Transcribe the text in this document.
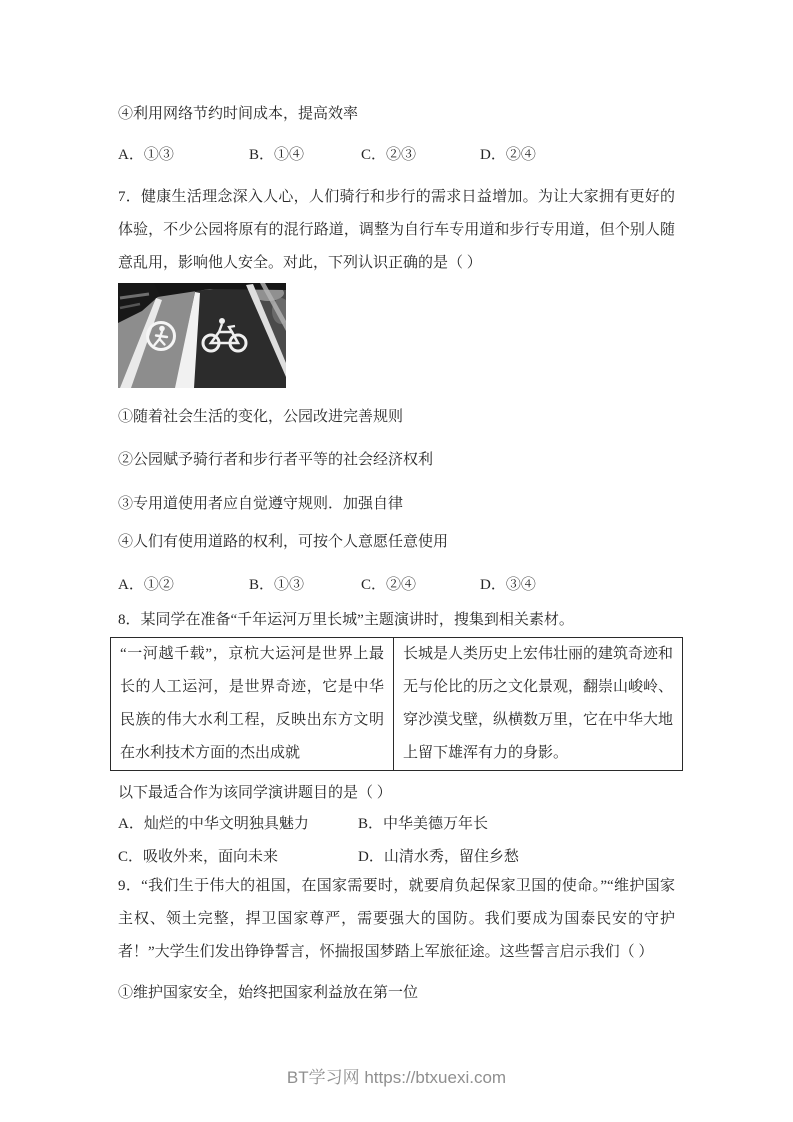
④利用网络节约时间成本，提高效率
A．①③	B．①④	C．②③	D．②④
7．健康生活理念深入人心，人们骑行和步行的需求日益增加。为让大家拥有更好的体验，不少公园将原有的混行路道，调整为自行车专用道和步行专用道，但个别人随意乱用，影响他人安全。对此，下列认识正确的是（ ）
①随着社会生活的变化，公园改进完善规则
②公园赋予骑行者和步行者平等的社会经济权利
③专用道使用者应自觉遵守规则．加强自律
④人们有使用道路的权利，可按个人意愿任意使用
A．①②	B．①③	C．②④	D．③④
8．某同学在准备“千年运河万里长城”主题演讲时，搜集到相关素材。
“一河越千载”，京杭大运河是世界上最长的人工运河，是世界奇迹，它是中华民族的伟大水利工程，反映出东方文明在水利技术方面的杰出成就	长城是人类历史上宏伟壮丽的建筑奇迹和无与伦比的历之文化景观，翻崇山峻岭、穿沙漠戈壁，纵横数万里，它在中华大地上留下雄浑有力的身影。
以下最适合作为该同学演讲题目的是（ ）
A．灿烂的中华文明独具魅力	B．中华美德万年长
C．吸收外来，面向未来	D．山清水秀，留住乡愁
9．“我们生于伟大的祖国，在国家需要时，就要肩负起保家卫国的使命。”“维护国家主权、领土完整，捍卫国家尊严，需要强大的国防。我们要成为国泰民安的守护者！”大学生们发出铮铮誓言，怀揣报国梦踏上军旅征途。这些誓言启示我们（ ）
①维护国家安全，始终把国家利益放在第一位
BT学习网 https://btxuexi.com
